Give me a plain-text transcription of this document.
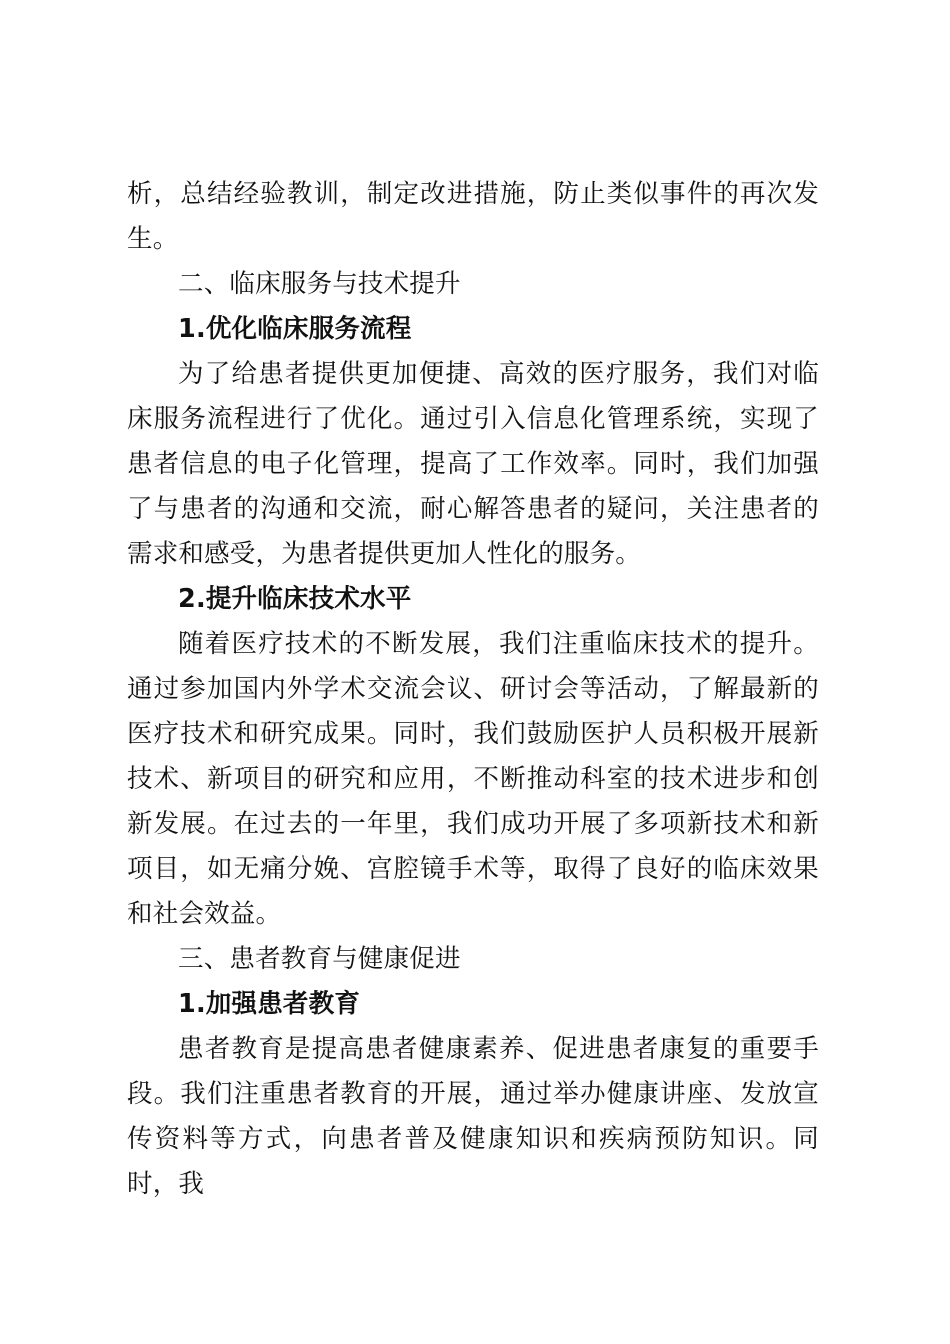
析，总结经验教训，制定改进措施，防止类似事件的再次发生。

二、临床服务与技术提升

1.优化临床服务流程

为了给患者提供更加便捷、高效的医疗服务，我们对临床服务流程进行了优化。通过引入信息化管理系统，实现了患者信息的电子化管理，提高了工作效率。同时，我们加强了与患者的沟通和交流，耐心解答患者的疑问，关注患者的需求和感受，为患者提供更加人性化的服务。

2.提升临床技术水平

随着医疗技术的不断发展，我们注重临床技术的提升。通过参加国内外学术交流会议、研讨会等活动，了解最新的医疗技术和研究成果。同时，我们鼓励医护人员积极开展新技术、新项目的研究和应用，不断推动科室的技术进步和创新发展。在过去的一年里，我们成功开展了多项新技术和新项目，如无痛分娩、宫腔镜手术等，取得了良好的临床效果和社会效益。

三、患者教育与健康促进

1.加强患者教育

患者教育是提高患者健康素养、促进患者康复的重要手段。我们注重患者教育的开展，通过举办健康讲座、发放宣传资料等方式，向患者普及健康知识和疾病预防知识。同时，我
